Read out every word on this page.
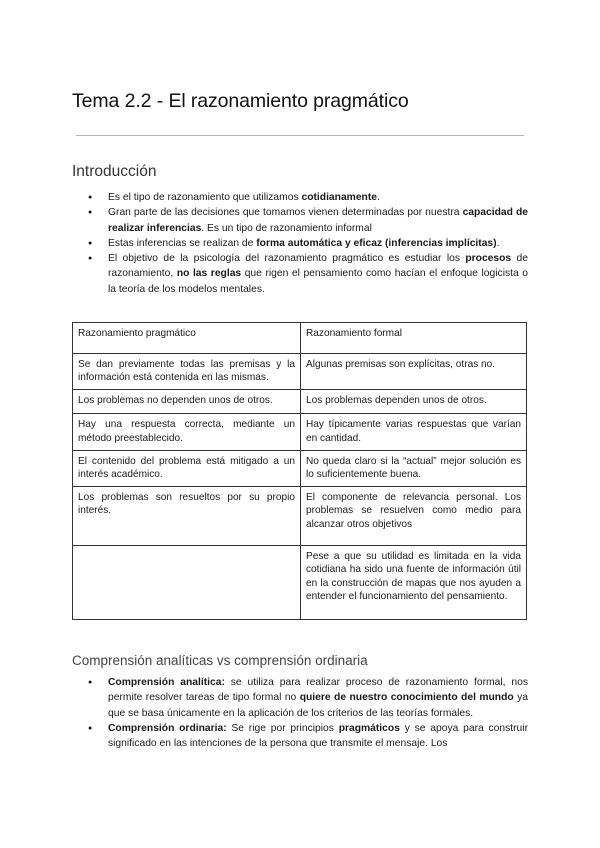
Tema 2.2 - El razonamiento pragmático
Introducción
● Es el tipo de razonamiento que utilizamos cotidianamente.
● Gran parte de las decisiones que tomamos vienen determinadas por nuestra capacidad de realizar inferencias. Es un tipo de razonamiento informal
● Estas inferencias se realizan de forma automática y eficaz (inferencias implícitas).
● El objetivo de la psicología del razonamiento pragmático es estudiar los procesos de razonamiento, no las reglas que rigen el pensamiento como hacían el enfoque logicista o la teoría de los modelos mentales.
Razonamiento pragmático	Razonamiento formal
Se dan previamente todas las premisas y la información está contenida en las mismas.	Algunas premisas son explícitas, otras no.
Los problemas no dependen unos de otros.	Los problemas dependen unos de otros.
Hay una respuesta correcta, mediante un método preestablecido.	Hay típicamente varias respuestas que varían en cantidad.
El contenido del problema está mitigado a un interés académico.	No queda claro si la “actual” mejor solución es lo suficientemente buena.
Los problemas son resueltos por su propio interés.	El componente de relevancia personal. Los problemas se resuelven como medio para alcanzar otros objetivos
	Pese a que su utilidad es limitada en la vida cotidiana ha sido una fuente de información útil en la construcción de mapas que nos ayuden a entender el funcionamiento del pensamiento.
Comprensión analíticas vs comprensión ordinaria
● Comprensión analítica: se utiliza para realizar proceso de razonamiento formal, nos permite resolver tareas de tipo formal no quiere de nuestro conocimiento del mundo ya que se basa únicamente en la aplicación de los criterios de las teorías formales.
● Comprensión ordinaria: Se rige por principios pragmáticos y se apoya para construir significado en las intenciones de la persona que transmite el mensaje. Los
